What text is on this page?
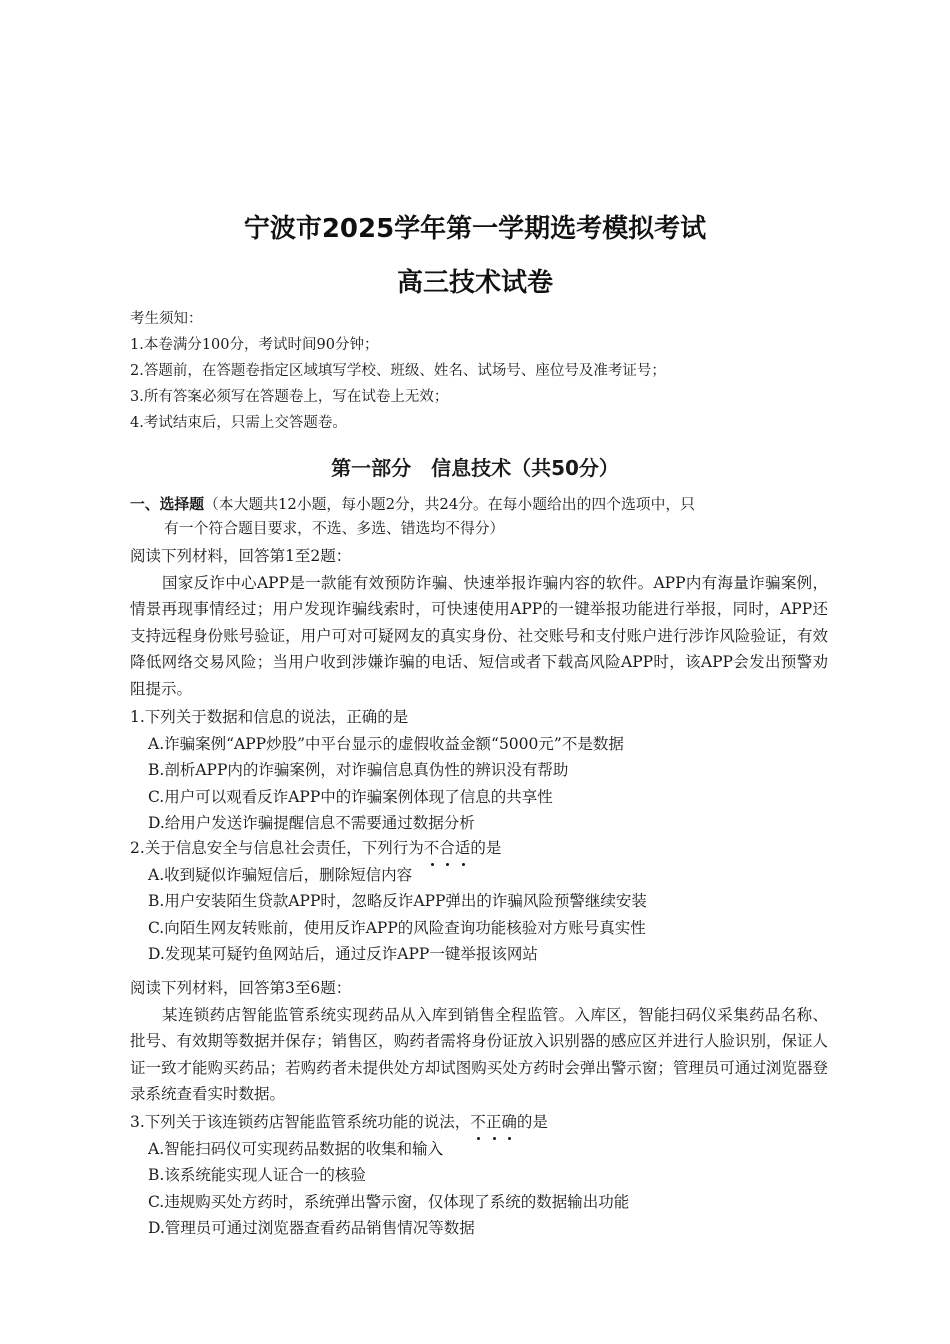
宁波市2025学年第一学期选考模拟考试
高三技术试卷
考生须知：
1.本卷满分100分，考试时间90分钟；
2.答题前，在答题卷指定区域填写学校、班级、姓名、试场号、座位号及准考证号；
3.所有答案必须写在答题卷上，写在试卷上无效；
4.考试结束后，只需上交答题卷。
第一部分　信息技术（共50分）
一、选择题（本大题共12小题，每小题2分，共24分。在每小题给出的四个选项中，只
有一个符合题目要求，不选、多选、错选均不得分）
阅读下列材料，回答第1至2题：
国家反诈中心APP是一款能有效预防诈骗、快速举报诈骗内容的软件。APP内有海量诈骗案例，情景再现事情经过；用户发现诈骗线索时，可快速使用APP的一键举报功能进行举报，同时，APP还支持远程身份账号验证，用户可对可疑网友的真实身份、社交账号和支付账户进行涉诈风险验证，有效降低网络交易风险；当用户收到涉嫌诈骗的电话、短信或者下载高风险APP时，该APP会发出预警劝阻提示。
1.下列关于数据和信息的说法，正确的是
A.诈骗案例“APP炒股”中平台显示的虚假收益金额“5000元”不是数据
B.剖析APP内的诈骗案例，对诈骗信息真伪性的辨识没有帮助
C.用户可以观看反诈APP中的诈骗案例体现了信息的共享性
D.给用户发送诈骗提醒信息不需要通过数据分析
2.关于信息安全与信息社会责任，下列行为不合适的是
A.收到疑似诈骗短信后，删除短信内容
B.用户安装陌生贷款APP时，忽略反诈APP弹出的诈骗风险预警继续安装
C.向陌生网友转账前，使用反诈APP的风险查询功能核验对方账号真实性
D.发现某可疑钓鱼网站后，通过反诈APP一键举报该网站
阅读下列材料，回答第3至6题：
某连锁药店智能监管系统实现药品从入库到销售全程监管。入库区，智能扫码仪采集药品名称、批号、有效期等数据并保存；销售区，购药者需将身份证放入识别器的感应区并进行人脸识别，保证人证一致才能购买药品；若购药者未提供处方却试图购买处方药时会弹出警示窗；管理员可通过浏览器登录系统查看实时数据。
3.下列关于该连锁药店智能监管系统功能的说法，不正确的是
A.智能扫码仪可实现药品数据的收集和输入
B.该系统能实现人证合一的核验
C.违规购买处方药时，系统弹出警示窗，仅体现了系统的数据输出功能
D.管理员可通过浏览器查看药品销售情况等数据
